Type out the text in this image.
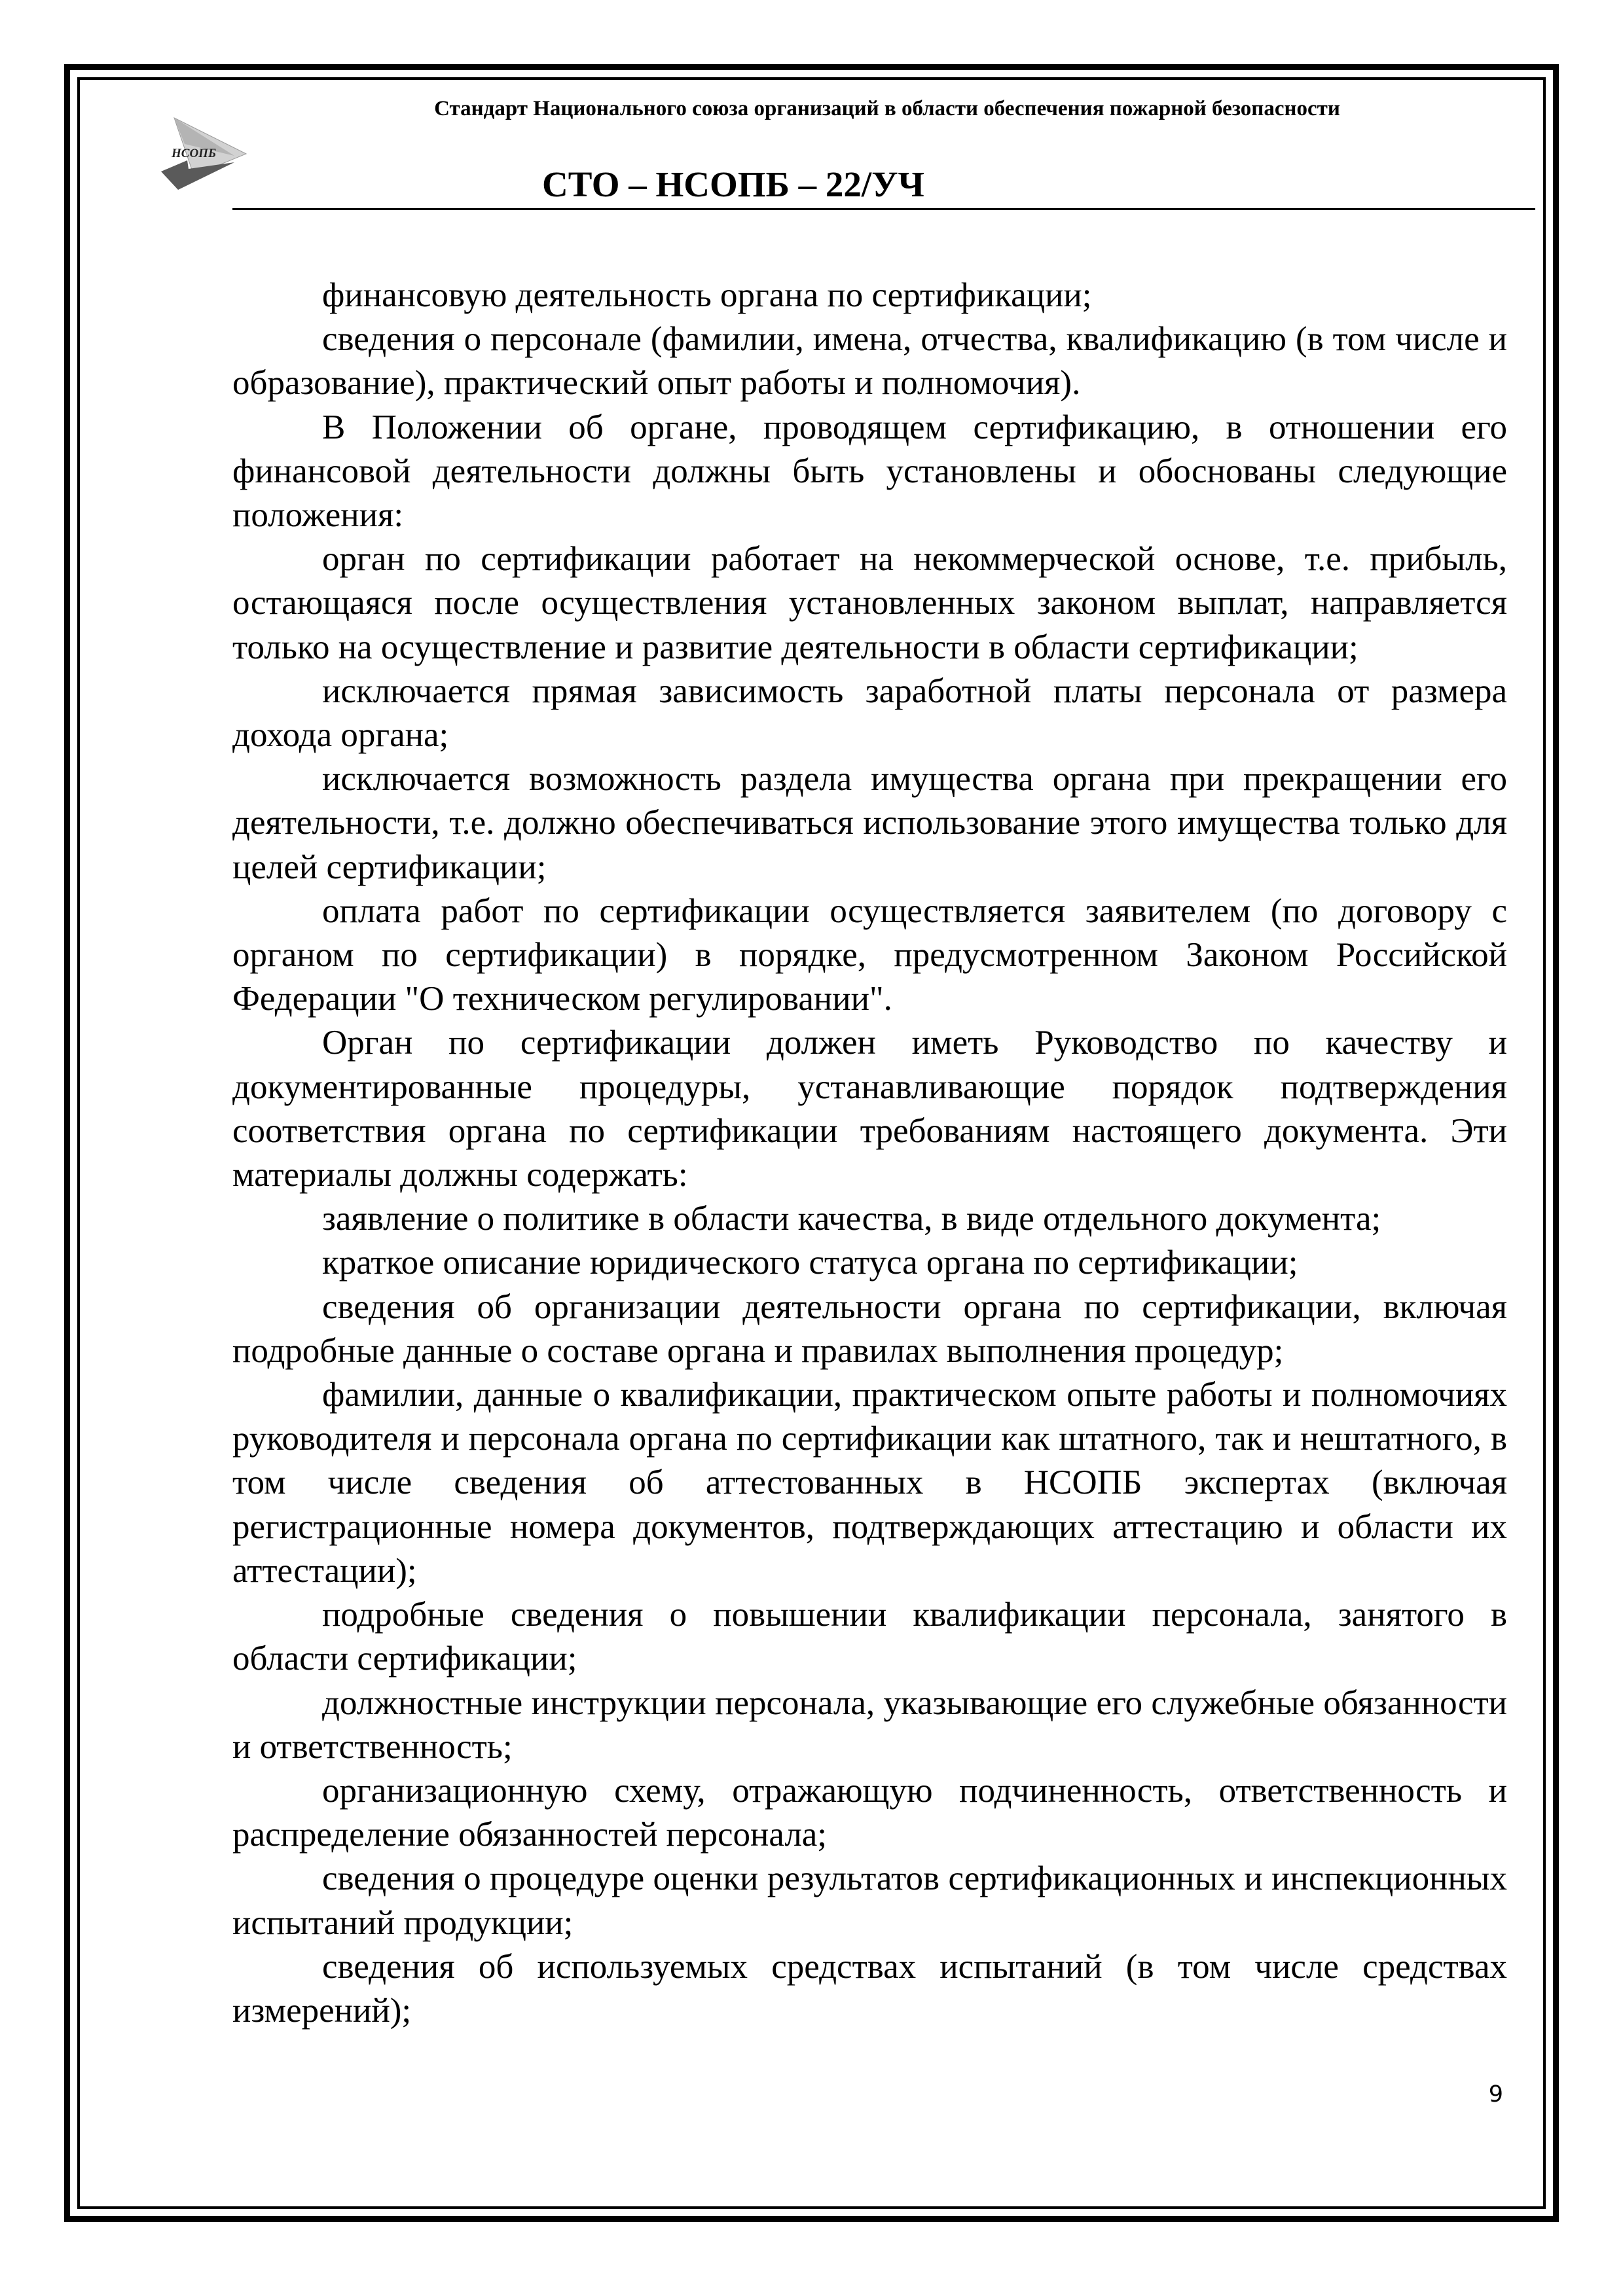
НСОПБ
Стандарт Национального союза организаций в области обеспечения пожарной безопасности
СТО – НСОПБ – 22/УЧ

финансовую деятельность органа по сертификации;

сведения о персонале (фамилии, имена, отчества, квалификацию (в том числе и образование), практический опыт работы и полномочия).

В Положении об органе, проводящем сертификацию, в отношении его финансовой деятельности должны быть установлены и обоснованы следующие положения:

орган по сертификации работает на некоммерческой основе, т.е. прибыль, остающаяся после осуществления установленных законом выплат, направляется только на осуществление и развитие деятельности в области сертификации;

исключается прямая зависимость заработной платы персонала от размера дохода органа;

исключается возможность раздела имущества органа при прекращении его деятельности, т.е. должно обеспечиваться использование этого имущества только для целей сертификации;

оплата работ по сертификации осуществляется заявителем (по договору с органом по сертификации) в порядке, предусмотренном Законом Российской Федерации "О техническом регулировании".

Орган по сертификации должен иметь Руководство по качеству и документированные процедуры, устанавливающие порядок подтверждения соответствия органа по сертификации требованиям настоящего документа. Эти материалы должны содержать:

заявление о политике в области качества, в виде отдельного документа;

краткое описание юридического статуса органа по сертификации;

сведения об организации деятельности органа по сертификации, включая подробные данные о составе органа и правилах выполнения процедур;

фамилии, данные о квалификации, практическом опыте работы и полномочиях руководителя и персонала органа по сертификации как штатного, так и нештатного, в том числе сведения об аттестованных в НСОПБ экспертах (включая регистрационные номера документов, подтверждающих аттестацию и области их аттестации);

подробные сведения о повышении квалификации персонала, занятого в области сертификации;

должностные инструкции персонала, указывающие его служебные обязанности и ответственность;

организационную схему, отражающую подчиненность, ответственность и распределение обязанностей персонала;

сведения о процедуре оценки результатов сертификационных и инспекционных испытаний продукции;

сведения об используемых средствах испытаний (в том числе средствах измерений);

9
